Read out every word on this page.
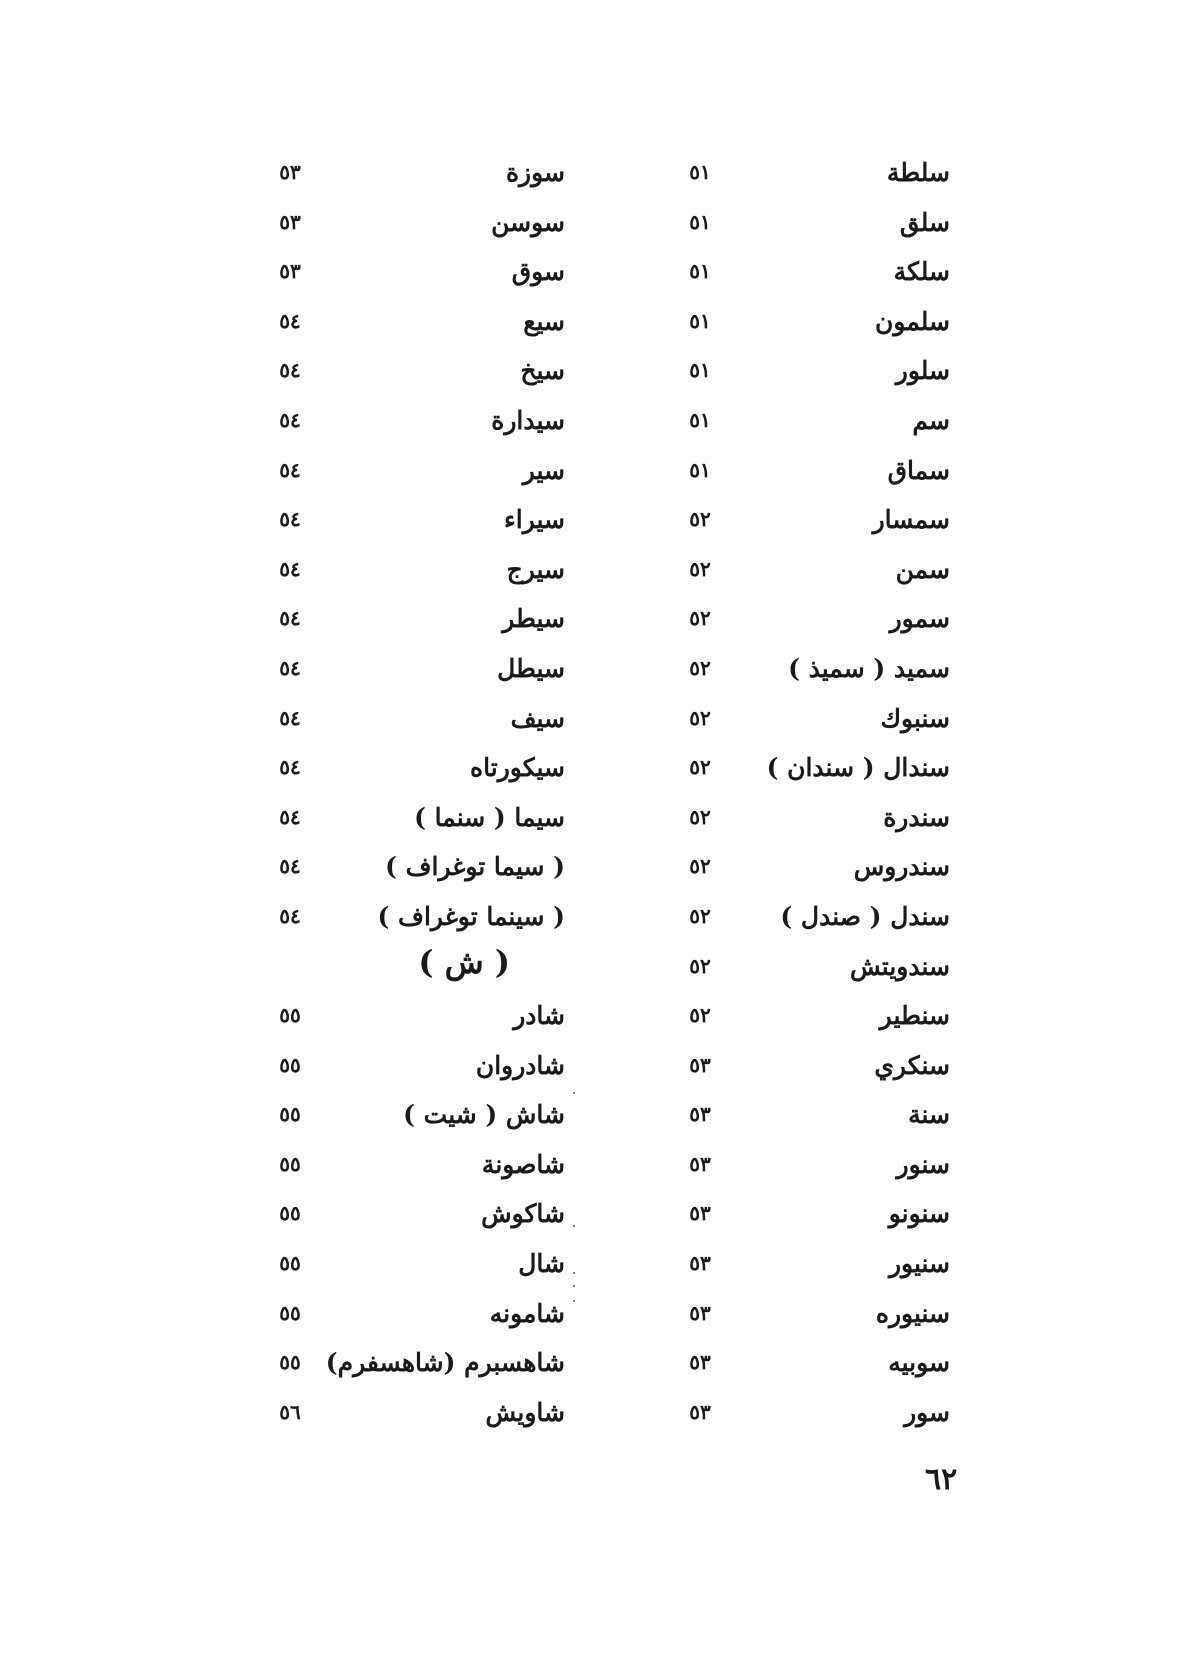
سلطة
٥١
سوزة
٥٣
سلق
٥١
سوسن
٥٣
سلكة
٥١
سوق
٥٣
سلمون
٥١
سيع
٥٤
سلور
٥١
سيخ
٥٤
سم
٥١
سيدارة
٥٤
سماق
٥١
سير
٥٤
سمسار
٥٢
سيراء
٥٤
سمن
٥٢
سيرج
٥٤
سمور
٥٢
سيطر
٥٤
سميد ( سميذ )
٥٢
سيطل
٥٤
سنبوك
٥٢
سيف
٥٤
سندال ( سندان )
٥٢
سيكورتاه
٥٤
سندرة
٥٢
سيما ( سنما )
٥٤
سندروس
٥٢
( سيما توغراف )
٥٤
سندل ( صندل )
٥٢
( سينما توغراف )
٥٤
سندويتش
٥٢
( ش )
سنطير
٥٢
شادر
٥٥
سنكري
٥٣
شادروان
٥٥
سنة
٥٣
شاش ( شيت )
٥٥
سنور
٥٣
شاصونة
٥٥
سنونو
٥٣
شاكوش
٥٥
سنيور
٥٣
شال
٥٥
سنيوره
٥٣
شامونه
٥٥
سوبيه
٥٣
شاهسبرم (شاهسفرم)
٥٥
سور
٥٣
شاويش
٥٦
٦٢
